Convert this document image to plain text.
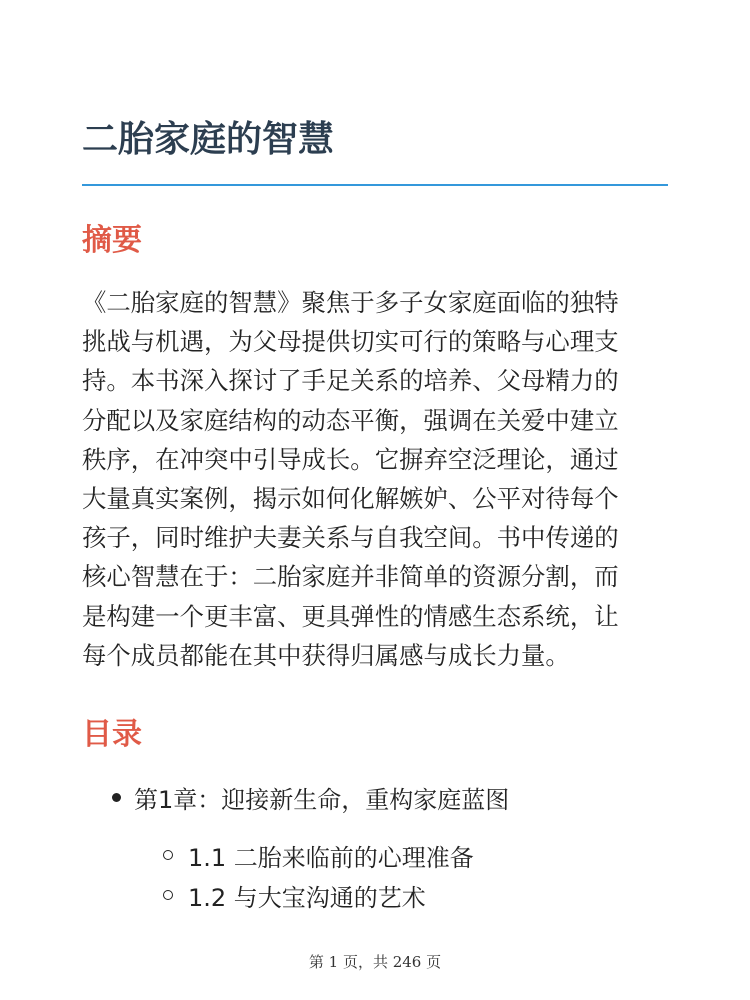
二胎家庭的智慧
摘要

《二胎家庭的智慧》聚焦于多子女家庭面临的独特
挑战与机遇，为父母提供切实可行的策略与心理支
持。本书深入探讨了手足关系的培养、父母精力的
分配以及家庭结构的动态平衡，强调在关爱中建立
秩序，在冲突中引导成长。它摒弃空泛理论，通过
大量真实案例，揭示如何化解嫉妒、公平对待每个
孩子，同时维护夫妻关系与自我空间。书中传递的
核心智慧在于：二胎家庭并非简单的资源分割，而
是构建一个更丰富、更具弹性的情感生态系统，让
每个成员都能在其中获得归属感与成长力量。

目录
第1章：迎接新生命，重构家庭蓝图
1.1 二胎来临前的心理准备
1.2 与大宝沟通的艺术
第 1 页，共 246 页
